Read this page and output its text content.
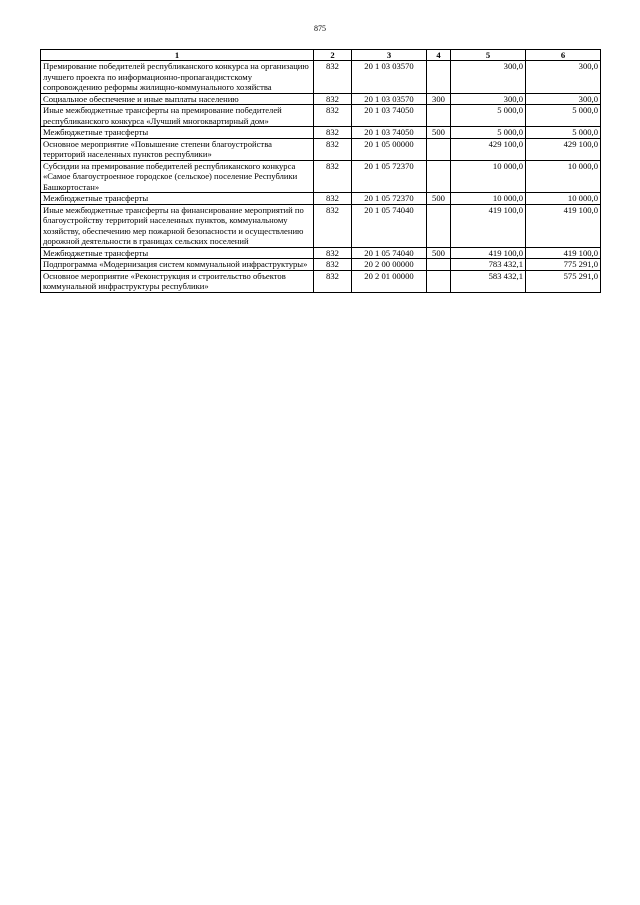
875
1	2	3	4	5	6
Премирование победителей республиканского конкурса на организацию лучшего проекта по информационно-пропагандистскому сопровождению реформы жилищно-коммунального хозяйства	832	20 1 03 03570		300,0	300,0
Социальное обеспечение и иные выплаты населению	832	20 1 03 03570	300	300,0	300,0
Иные межбюджетные трансферты на премирование победителей республиканского конкурса «Лучший многоквартирный дом»	832	20 1 03 74050		5 000,0	5 000,0
Межбюджетные трансферты	832	20 1 03 74050	500	5 000,0	5 000,0
Основное мероприятие «Повышение степени благоустройства территорий населенных пунктов республики»	832	20 1 05 00000		429 100,0	429 100,0
Субсидии на премирование победителей республиканского конкурса «Самое благоустроенное городское (сельское) поселение Республики Башкортостан»	832	20 1 05 72370		10 000,0	10 000,0
Межбюджетные трансферты	832	20 1 05 72370	500	10 000,0	10 000,0
Иные межбюджетные трансферты на финансирование мероприятий по благоустройству территорий населенных пунктов, коммунальному хозяйству, обеспечению мер пожарной безопасности и осуществлению дорожной деятельности в границах сельских поселений	832	20 1 05 74040		419 100,0	419 100,0
Межбюджетные трансферты	832	20 1 05 74040	500	419 100,0	419 100,0
Подпрограмма «Модернизация систем коммунальной инфраструктуры»	832	20 2 00 00000		783 432,1	775 291,0
Основное мероприятие «Реконструкция и строительство объектов коммунальной инфраструктуры республики»	832	20 2 01 00000		583 432,1	575 291,0
